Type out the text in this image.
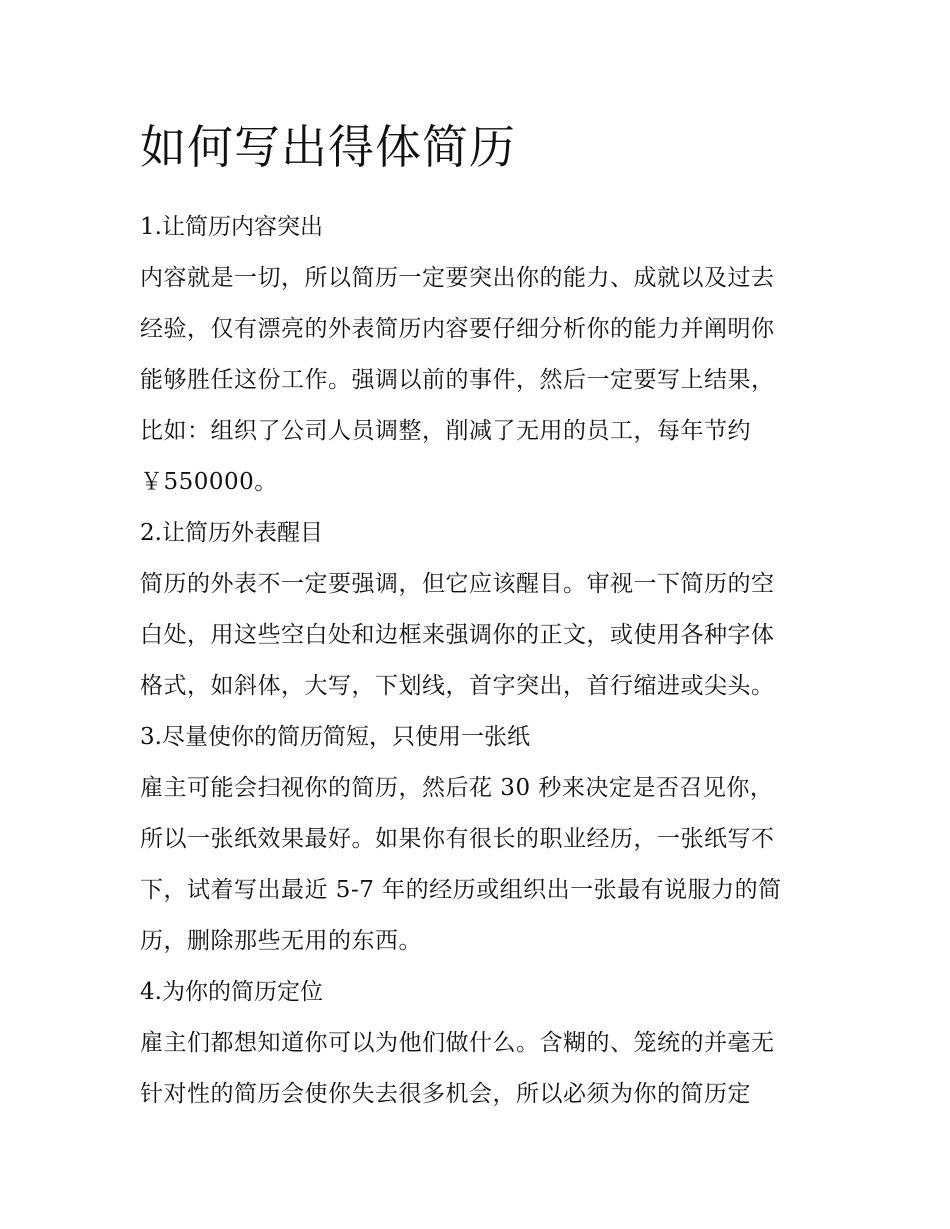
如何写出得体简历
1.让简历内容突出

内容就是一切，所以简历一定要突出你的能力、成就以及过去
经验，仅有漂亮的外表简历内容要仔细分析你的能力并阐明你
能够胜任这份工作。强调以前的事件，然后一定要写上结果，
比如：组织了公司人员调整，削减了无用的员工，每年节约
￥550000。

2.让简历外表醒目

简历的外表不一定要强调，但它应该醒目。审视一下简历的空
白处，用这些空白处和边框来强调你的正文，或使用各种字体
格式，如斜体，大写，下划线，首字突出，首行缩进或尖头。

3.尽量使你的简历简短，只使用一张纸

雇主可能会扫视你的简历，然后花 30 秒来决定是否召见你，
所以一张纸效果最好。如果你有很长的职业经历，一张纸写不
下，试着写出最近 5-7 年的经历或组织出一张最有说服力的简
历，删除那些无用的东西。

4.为你的简历定位

雇主们都想知道你可以为他们做什么。含糊的、笼统的并毫无
针对性的简历会使你失去很多机会，所以必须为你的简历定
